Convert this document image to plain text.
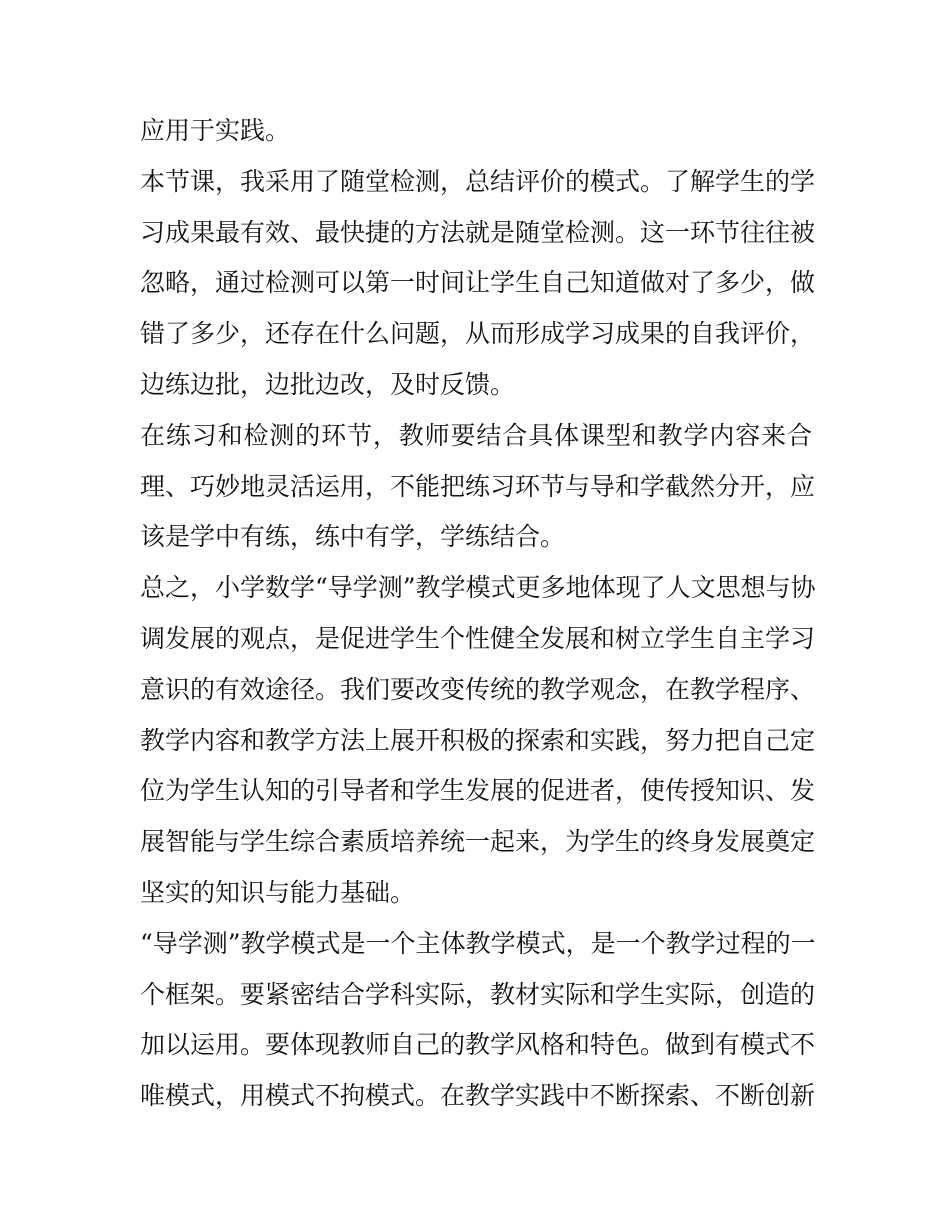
应用于实践。
本节课，我采用了随堂检测，总结评价的模式。了解学生的学
习成果最有效、最快捷的方法就是随堂检测。这一环节往往被
忽略，通过检测可以第一时间让学生自己知道做对了多少，做
错了多少，还存在什么问题，从而形成学习成果的自我评价，
边练边批，边批边改，及时反馈。
在练习和检测的环节，教师要结合具体课型和教学内容来合
理、巧妙地灵活运用，不能把练习环节与导和学截然分开，应
该是学中有练，练中有学，学练结合。
总之，小学数学“导学测”教学模式更多地体现了人文思想与协
调发展的观点，是促进学生个性健全发展和树立学生自主学习
意识的有效途径。我们要改变传统的教学观念，在教学程序、
教学内容和教学方法上展开积极的探索和实践，努力把自己定
位为学生认知的引导者和学生发展的促进者，使传授知识、发
展智能与学生综合素质培养统一起来，为学生的终身发展奠定
坚实的知识与能力基础。
“导学测”教学模式是一个主体教学模式，是一个教学过程的一
个框架。要紧密结合学科实际，教材实际和学生实际，创造的
加以运用。要体现教师自己的教学风格和特色。做到有模式不
唯模式，用模式不拘模式。在教学实践中不断探索、不断创新
